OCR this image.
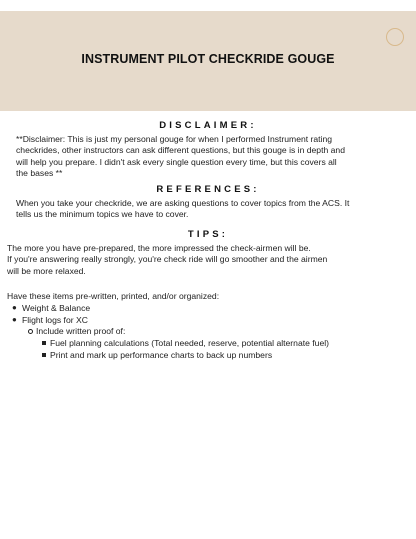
INSTRUMENT PILOT CHECKRIDE GOUGE
DISCLAIMER:
**Disclaimer: This is just my personal gouge for when I performed Instrument rating
checkrides, other instructors can ask different questions, but this gouge is in depth and
will help you prepare. I didn't ask every single question every time, but this covers all
the bases **
REFERENCES:
When you take your checkride, we are asking questions to cover topics from the ACS. It
tells us the minimum topics we have to cover.
TIPS:
The more you have pre-prepared, the more impressed the check-airmen will be.
If you're answering really strongly, you're check ride will go smoother and the airmen
will be more relaxed.
Have these items pre-written, printed, and/or organized:
● Weight & Balance
● Flight logs for XC
Include written proof of:
Fuel planning calculations (Total needed, reserve, potential alternate fuel)
Print and mark up performance charts to back up numbers
